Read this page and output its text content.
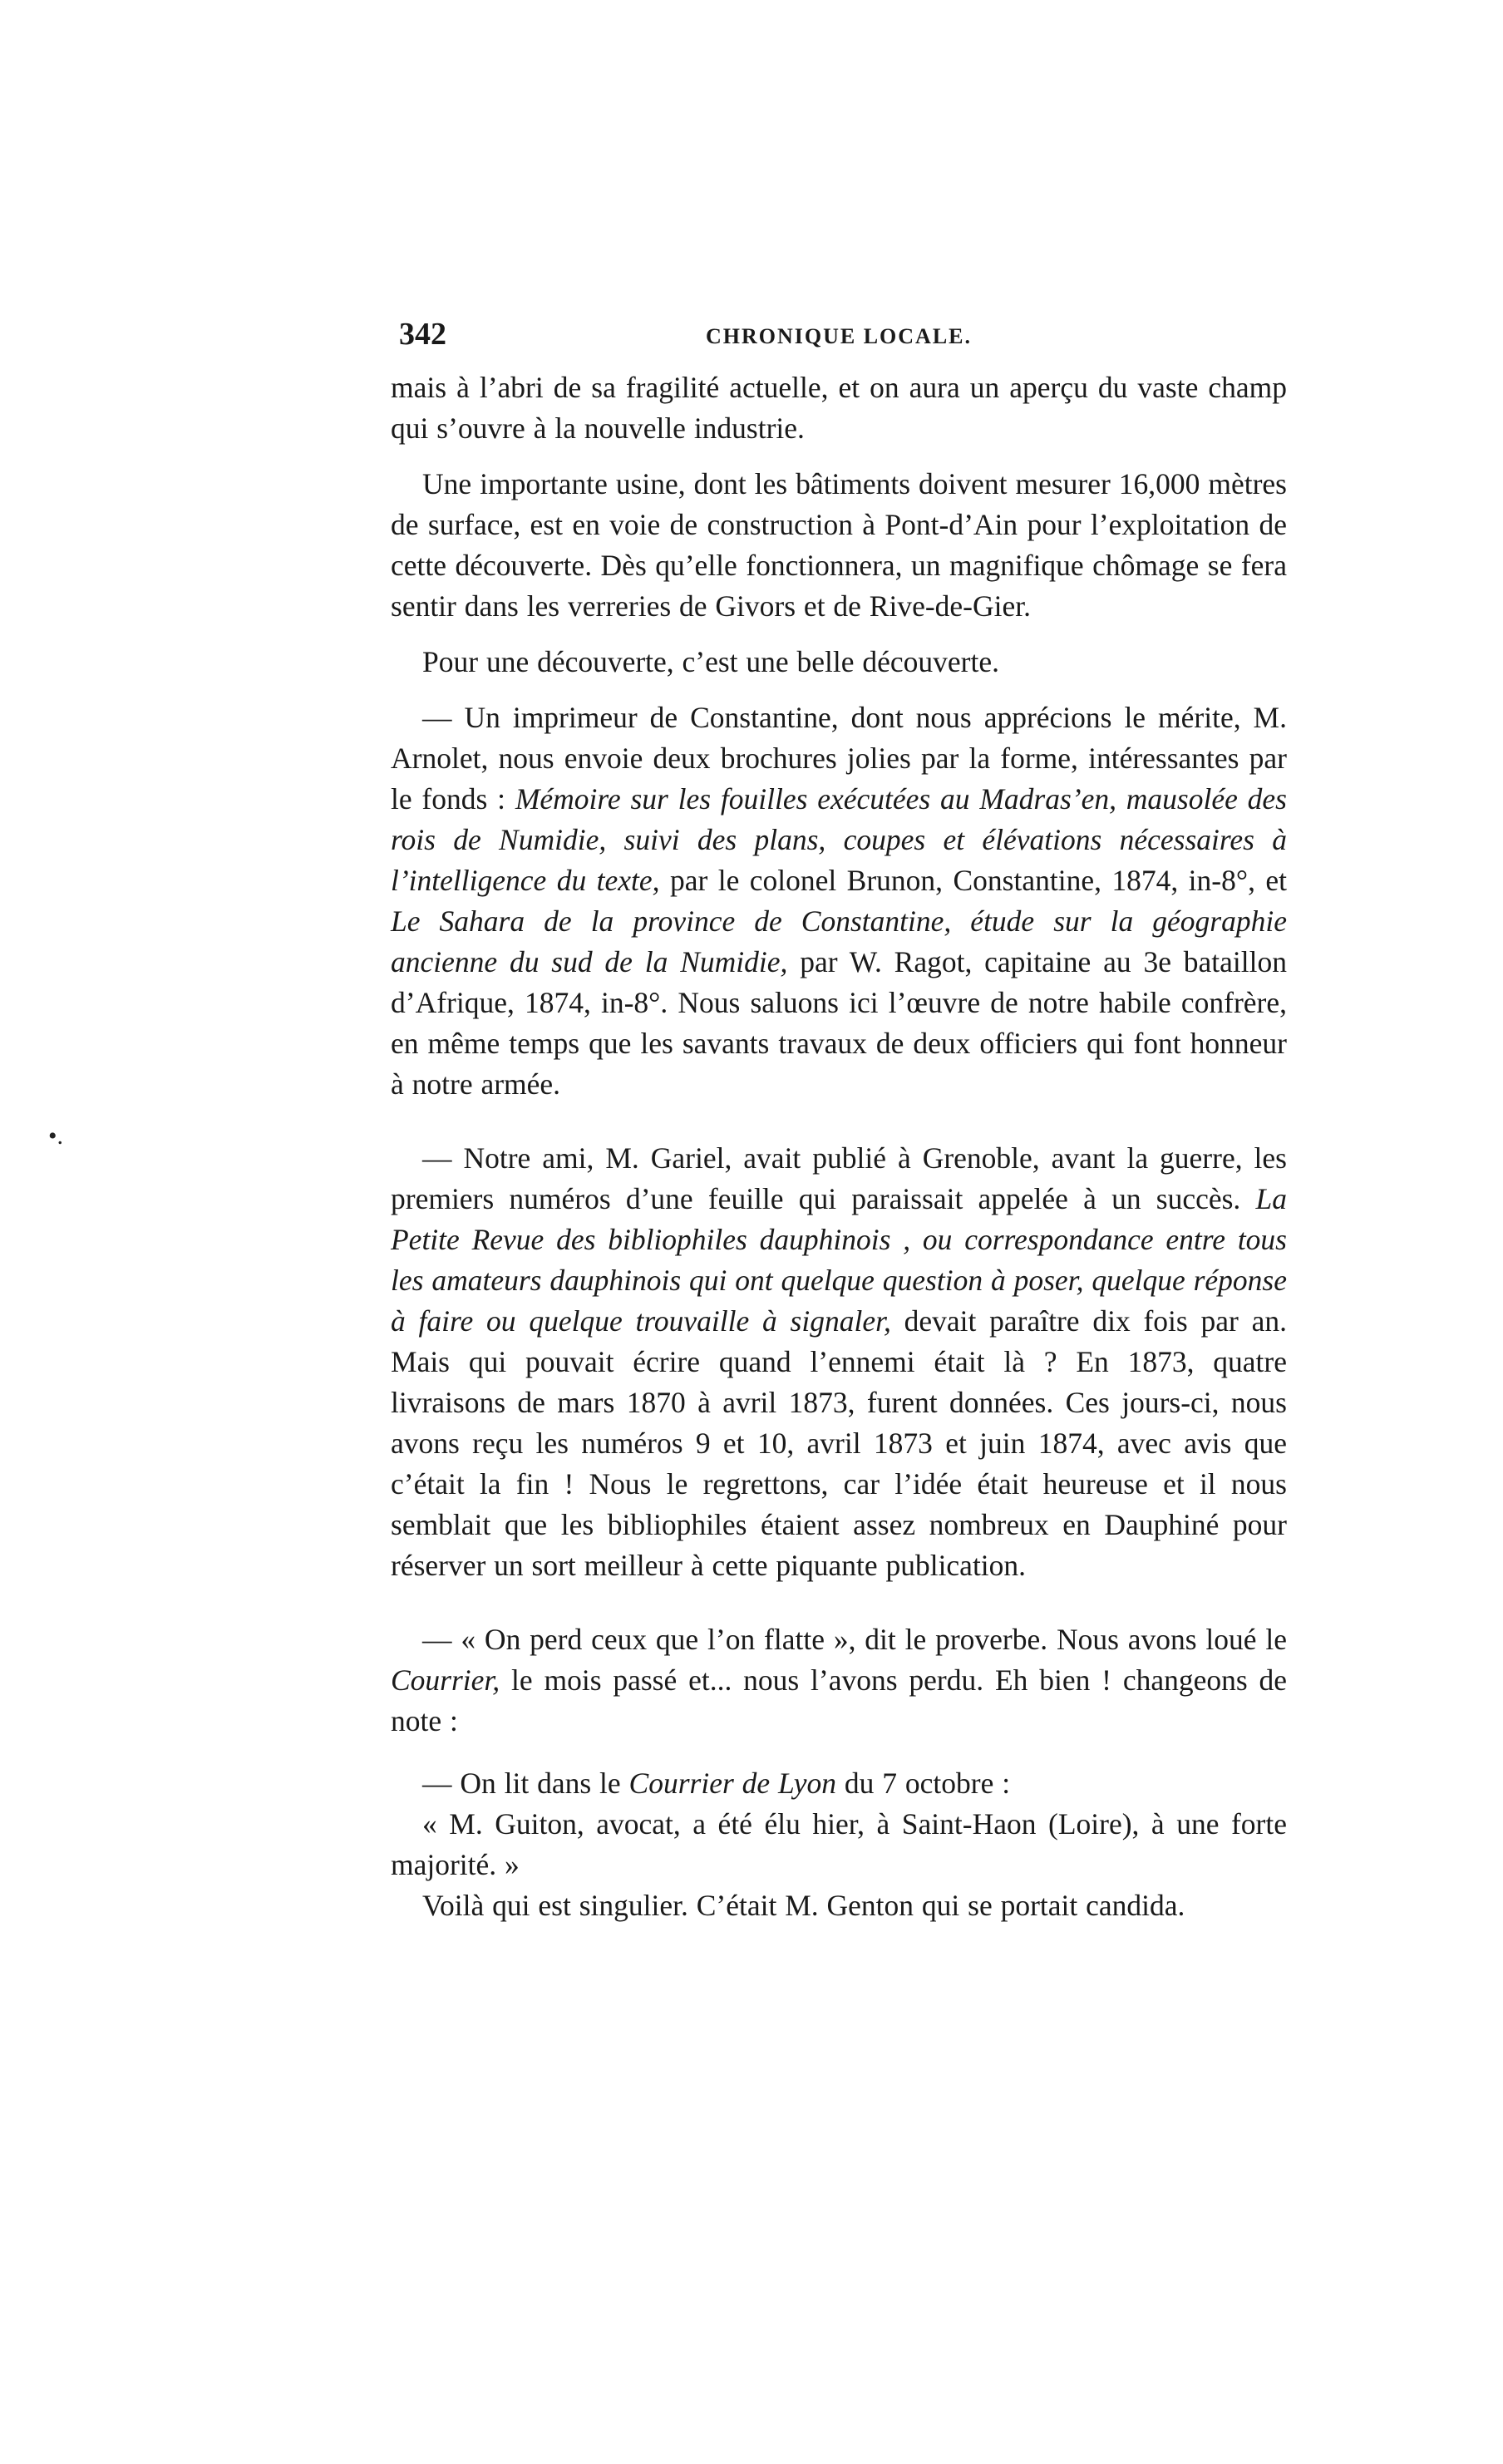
•.
342	CHRONIQUE LOCALE.

mais à l’abri de sa fragilité actuelle, et on aura un aperçu du vaste champ qui s’ouvre à la nouvelle industrie.

Une importante usine, dont les bâtiments doivent mesurer 16,000 mètres de surface, est en voie de construction à Pont-d’Ain pour l’exploitation de cette découverte. Dès qu’elle fonctionnera, un magnifique chômage se fera sentir dans les verreries de Givors et de Rive-de-Gier.

Pour une découverte, c’est une belle découverte.

— Un imprimeur de Constantine, dont nous apprécions le mérite, M. Arnolet, nous envoie deux brochures jolies par la forme, intéressantes par le fonds : Mémoire sur les fouilles exécutées au Madras’en, mausolée des rois de Numidie, suivi des plans, coupes et élévations nécessaires à l’intelligence du texte, par le colonel Brunon, Constantine, 1874, in-8°, et Le Sahara de la province de Constantine, étude sur la géographie ancienne du sud de la Numidie, par W. Ragot, capitaine au 3e bataillon d’Afrique, 1874, in-8°. Nous saluons ici l’œuvre de notre habile confrère, en même temps que les savants travaux de deux officiers qui font honneur à notre armée.

— Notre ami, M. Gariel, avait publié à Grenoble, avant la guerre, les premiers numéros d’une feuille qui paraissait appelée à un succès. La Petite Revue des bibliophiles dauphinois , ou correspondance entre tous les amateurs dauphinois qui ont quelque question à poser, quelque réponse à faire ou quelque trouvaille à signaler, devait paraître dix fois par an. Mais qui pouvait écrire quand l’ennemi était là ? En 1873, quatre livraisons de mars 1870 à avril 1873, furent données. Ces jours-ci, nous avons reçu les numéros 9 et 10, avril 1873 et juin 1874, avec avis que c’était la fin ! Nous le regrettons, car l’idée était heureuse et il nous semblait que les bibliophiles étaient assez nombreux en Dauphiné pour réserver un sort meilleur à cette piquante publication.

— « On perd ceux que l’on flatte », dit le proverbe. Nous avons loué le Courrier, le mois passé et... nous l’avons perdu. Eh bien ! changeons de note :

— On lit dans le Courrier de Lyon du 7 octobre :

« M. Guiton, avocat, a été élu hier, à Saint-Haon (Loire), à une forte majorité. »

Voilà qui est singulier. C’était M. Genton qui se portait candida.
